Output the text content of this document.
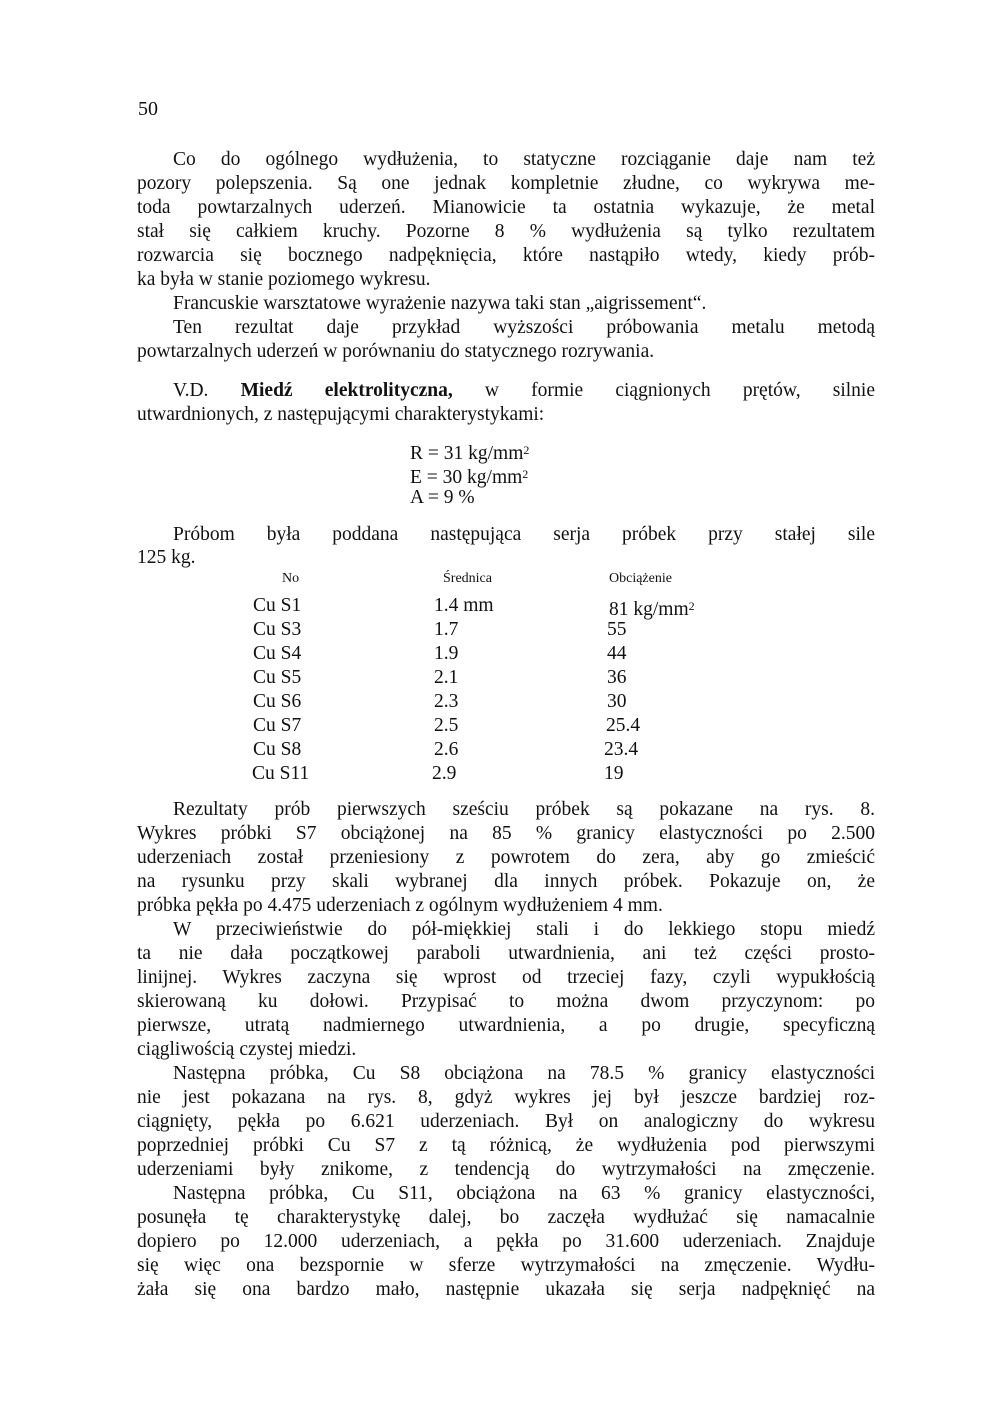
50
Co do ogólnego wydłużenia, to statyczne rozciąganie daje nam też
pozory polepszenia. Są one jednak kompletnie złudne, co wykrywa me-
toda powtarzalnych uderzeń. Mianowicie ta ostatnia wykazuje, że metal
stał się całkiem kruchy. Pozorne 8 % wydłużenia są tylko rezultatem
rozwarcia się bocznego nadpęknięcia, które nastąpiło wtedy, kiedy prób-
ka była w stanie poziomego wykresu.
Francuskie warsztatowe wyrażenie nazywa taki stan „aigrissement“.
Ten rezultat daje przykład wyższości próbowania metalu metodą
powtarzalnych uderzeń w porównaniu do statycznego rozrywania.
V.D. Miedź elektrolityczna, w formie ciągnionych prętów, silnie
utwardnionych, z następującymi charakterystykami:
R = 31 $kg/mm^2$
E = 30 $kg/mm^2$
A = 9 %
Próbom była poddana następująca serja próbek przy stałej sile
125 kg.
No	Średnica	Obciążenie
Cu S1	1.4 mm	81 $kg/mm^2$
Cu S3	1.7	55
Cu S4	1.9	44
Cu S5	2.1	36
Cu S6	2.3	30
Cu S7	2.5	25.4
Cu S8	2.6	23.4
Cu S11	2.9	19
Rezultaty prób pierwszych sześciu próbek są pokazane na rys. 8.
Wykres próbki S7 obciążonej na 85 % granicy elastyczności po 2.500
uderzeniach został przeniesiony z powrotem do zera, aby go zmieścić
na rysunku przy skali wybranej dla innych próbek. Pokazuje on, że
próbka pękła po 4.475 uderzeniach z ogólnym wydłużeniem 4 mm.
W przeciwieństwie do pół-miękkiej stali i do lekkiego stopu miedź
ta nie dała początkowej paraboli utwardnienia, ani też części prosto-
linijnej. Wykres zaczyna się wprost od trzeciej fazy, czyli wypukłością
skierowaną ku dołowi. Przypisać to można dwom przyczynom: po
pierwsze, utratą nadmiernego utwardnienia, a po drugie, specyficzną
ciągliwością czystej miedzi.
Następna próbka, Cu S8 obciążona na 78.5 % granicy elastyczności
nie jest pokazana na rys. 8, gdyż wykres jej był jeszcze bardziej roz-
ciągnięty, pękła po 6.621 uderzeniach. Był on analogiczny do wykresu
poprzedniej próbki Cu S7 z tą różnicą, że wydłużenia pod pierwszymi
uderzeniami były znikome, z tendencją do wytrzymałości na zmęczenie.
Następna próbka, Cu S11, obciążona na 63 % granicy elastyczności,
posunęła tę charakterystykę dalej, bo zaczęła wydłużać się namacalnie
dopiero po 12.000 uderzeniach, a pękła po 31.600 uderzeniach. Znajduje
się więc ona bezspornie w sferze wytrzymałości na zmęczenie. Wydłu-
żała się ona bardzo mało, następnie ukazała się serja nadpęknięć na
